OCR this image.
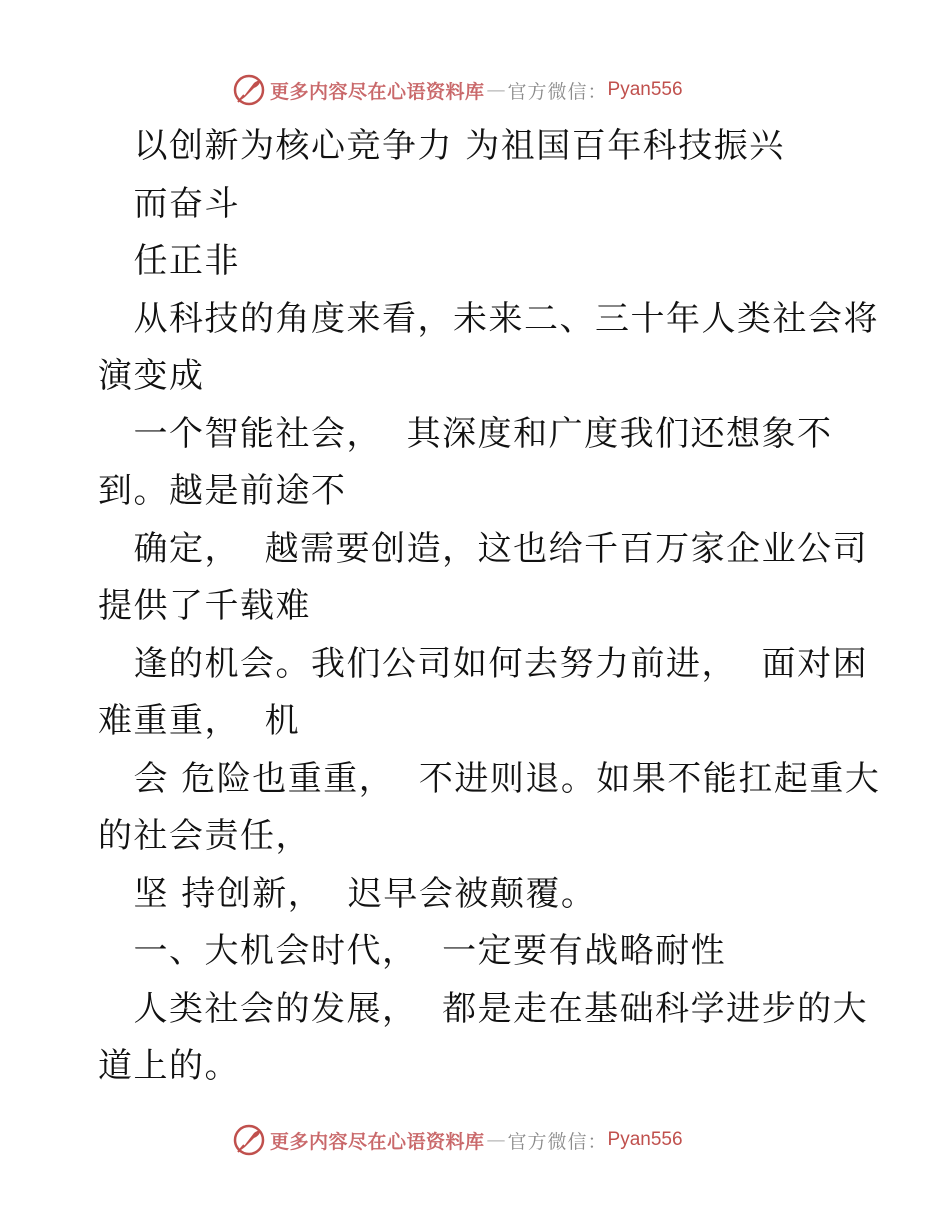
更多内容尽在心语资料库 — 官方微信： Pyan556

　以创新为核心竞争力 为祖国百年科技振兴

　而奋斗

　任正非

　从科技的角度来看，未来二、三十年人类社会将

演变成

　一个智能社会，  其深度和广度我们还想象不

到。越是前途不

　确定，  越需要创造，这也给千百万家企业公司

提供了千载难

　逢的机会。我们公司如何去努力前进，  面对困

难重重，  机

　会 危险也重重，  不进则退。如果不能扛起重大

的社会责任，

　坚 持创新，  迟早会被颠覆。

　一、大机会时代，  一定要有战略耐性

　人类社会的发展，  都是走在基础科学进步的大

道上的。

更多内容尽在心语资料库 — 官方微信： Pyan556
